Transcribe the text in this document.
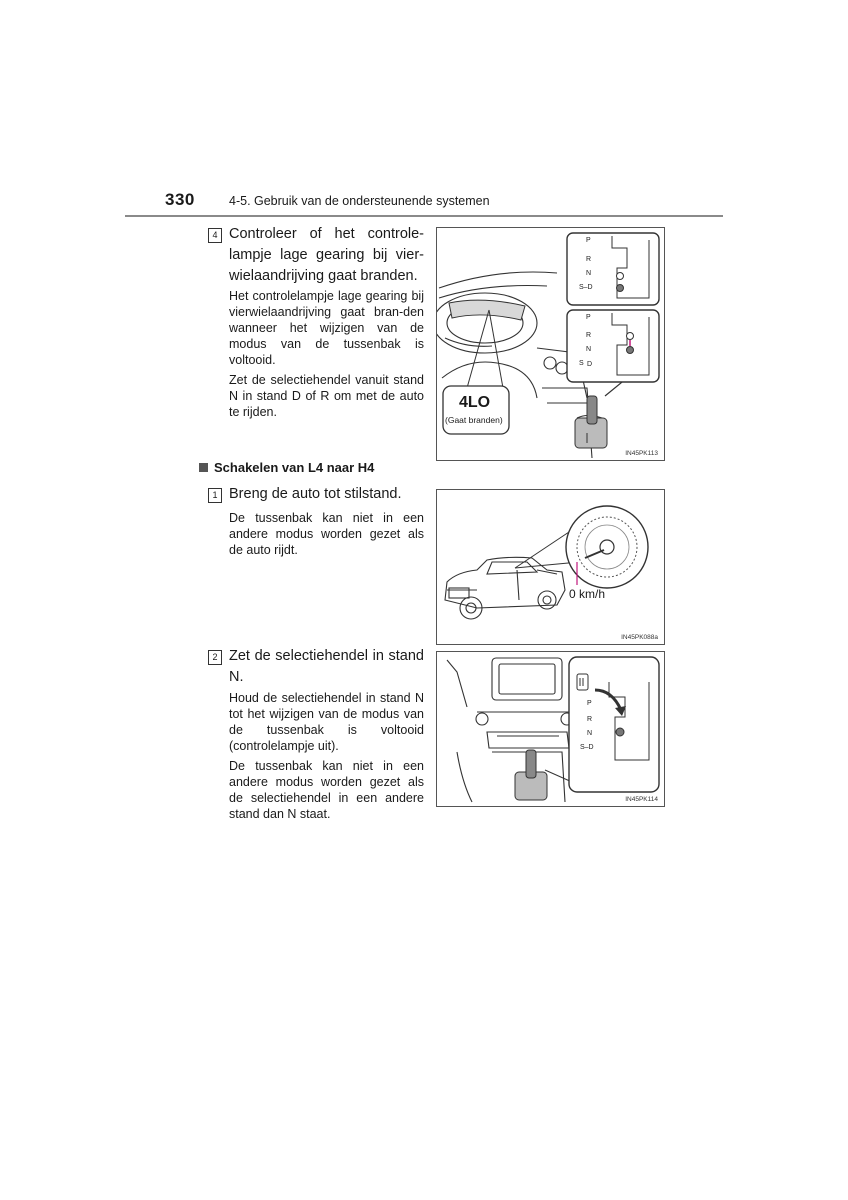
330	4-5. Gebruik van de ondersteunende systemen
4 Controleer of het controle-lampje lage gearing bij vier-wielaandrijving gaat branden.

Het controlelampje lage gearing bij vierwielaandrijving gaat bran-den wanneer het wijzigen van de modus van de tussenbak is voltooid.

Zet de selectiehendel vanuit stand N in stand D of R om met de auto te rijden.

P
R
N
S–D
P
R
N
S D
4LO
(Gaat branden)
IN45PK113
Schakelen van L4 naar H4
1 Breng de auto tot stilstand.

De tussenbak kan niet in een andere modus worden gezet als de auto rijdt.

0 km/h
IN45PK088a
2 Zet de selectiehendel in stand N.

Houd de selectiehendel in stand N tot het wijzigen van de modus van de tussenbak is voltooid (controlelampje uit).

De tussenbak kan niet in een andere modus worden gezet als de selectiehendel in een andere stand dan N staat.

P
R
N
S–D
IN45PK114
